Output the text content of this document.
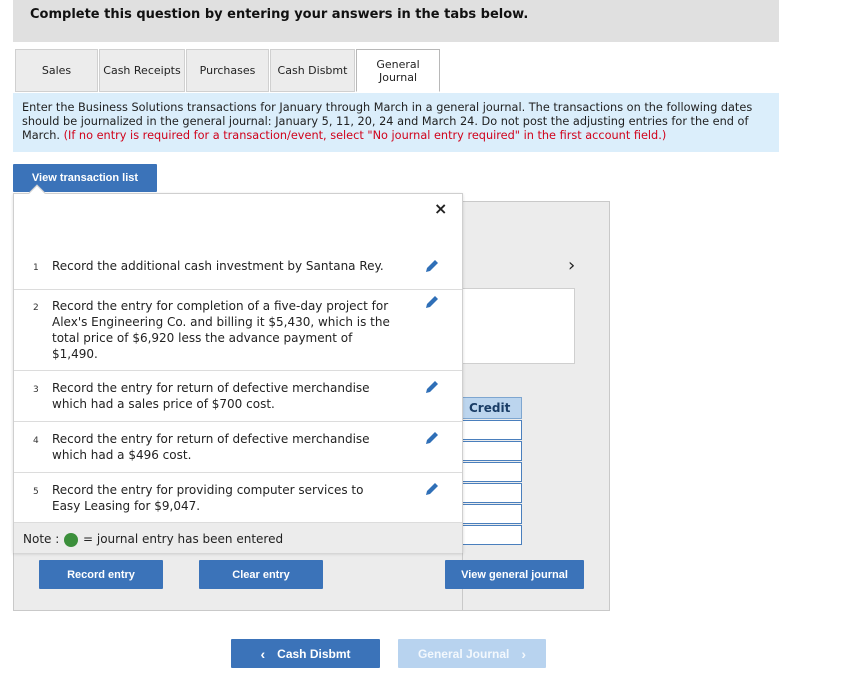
Complete this question by entering your answers in the tabs below.
Sales	Cash Receipts	Purchases	Cash Disbmt	General
Journal
Enter the Business Solutions transactions for January through March in a general journal. The transactions on the following dates should be journalized in the general journal: January 5, 11, 20, 24 and March 24. Do not post the adjusting entries for the end of March. (If no entry is required for a transaction/event, select "No journal entry required" in the first account field.)
View transaction list
›
Credit
×
1 Record the additional cash investment by Santana Rey.
2 Record the entry for completion of a five-day project for Alex's Engineering Co. and billing it $5,430, which is the total price of $6,920 less the advance payment of $1,490.
3 Record the entry for return of defective merchandise which had a sales price of $700 cost.
4 Record the entry for return of defective merchandise which had a $496 cost.
5 Record the entry for providing computer services to Easy Leasing for $9,047.
Note : = journal entry has been entered
Record entry	Clear entry	View general journal
‹ Cash Disbmt	General Journal ›
